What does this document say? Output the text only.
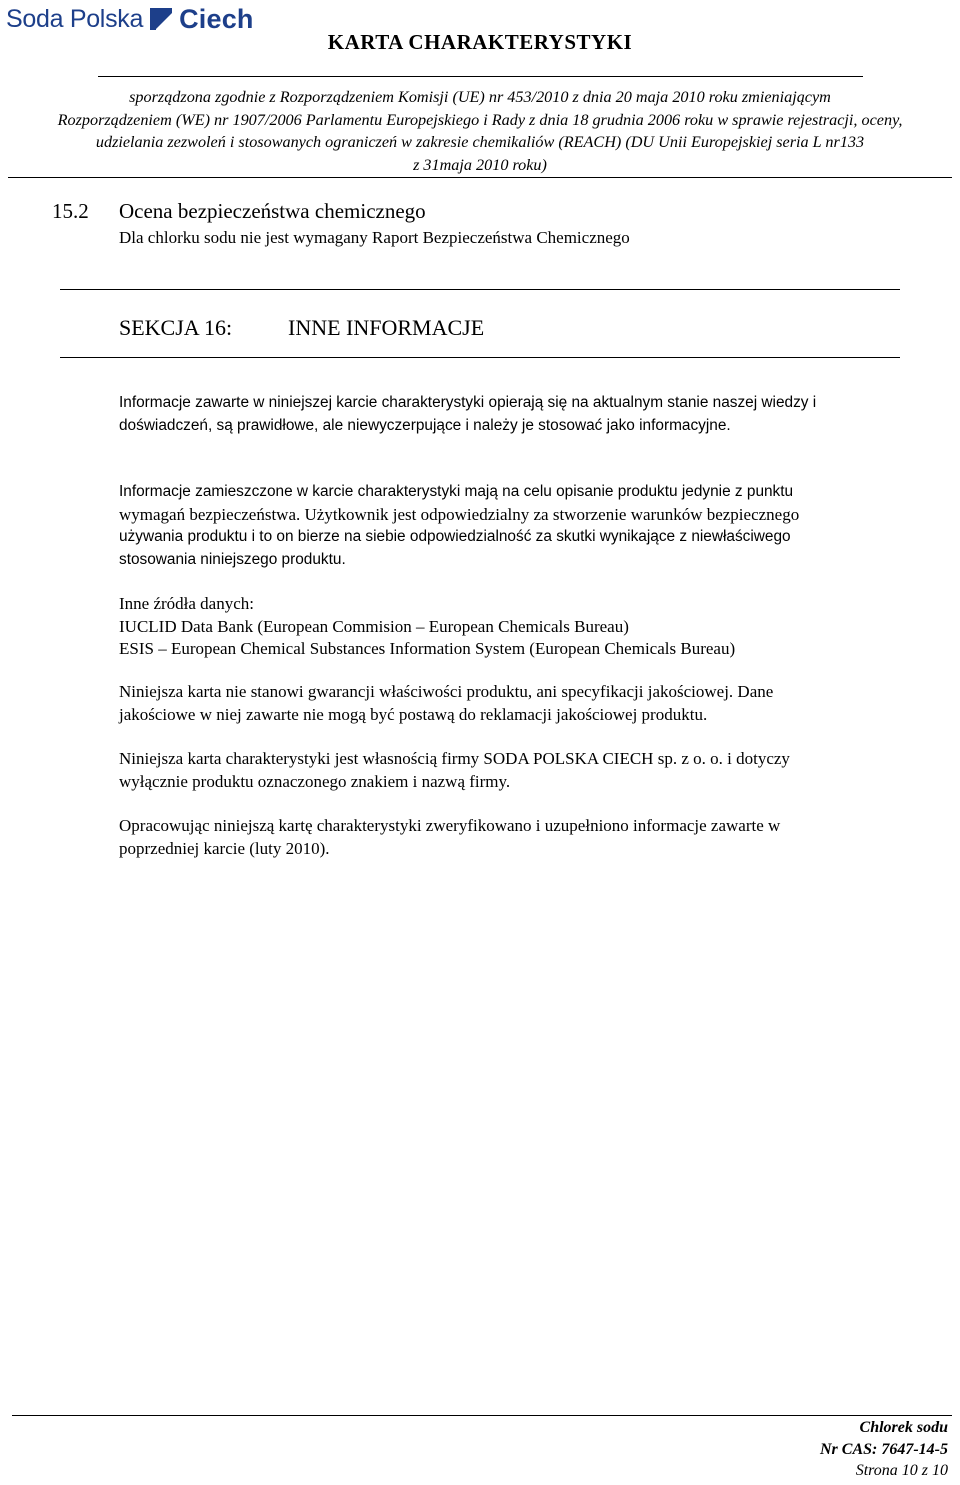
Soda Polska Ciech
KARTA CHARAKTERYSTYKI
sporządzona zgodnie z Rozporządzeniem Komisji (UE) nr 453/2010 z dnia 20 maja 2010 roku zmieniającym
Rozporządzeniem (WE) nr 1907/2006 Parlamentu Europejskiego i Rady z dnia 18 grudnia 2006 roku w sprawie rejestracji, oceny,
udzielania zezwoleń i stosowanych ograniczeń w zakresie chemikaliów (REACH) (DU Unii Europejskiej seria L nr133
z 31maja 2010 roku)
15.2 Ocena bezpieczeństwa chemicznego
Dla chlorku sodu nie jest wymagany Raport Bezpieczeństwa Chemicznego
SEKCJA 16:	INNE INFORMACJE
Informacje zawarte w niniejszej karcie charakterystyki opierają się na aktualnym stanie naszej wiedzy i
doświadczeń, są prawidłowe, ale niewyczerpujące i należy je stosować jako informacyjne.
Informacje zamieszczone w karcie charakterystyki mają na celu opisanie produktu jedynie z punktu
wymagań bezpieczeństwa. Użytkownik jest odpowiedzialny za stworzenie warunków bezpiecznego
używania produktu i to on bierze na siebie odpowiedzialność za skutki wynikające z niewłaściwego
stosowania niniejszego produktu.
Inne źródła danych:
IUCLID Data Bank (European Commision – European Chemicals Bureau)
ESIS – European Chemical Substances Information System (European Chemicals Bureau)
Niniejsza karta nie stanowi gwarancji właściwości produktu, ani specyfikacji jakościowej. Dane
jakościowe w niej zawarte nie mogą być postawą do reklamacji jakościowej produktu.
Niniejsza karta charakterystyki jest własnością firmy SODA POLSKA CIECH sp. z o. o. i dotyczy
wyłącznie produktu oznaczonego znakiem i nazwą firmy.
Opracowując niniejszą kartę charakterystyki zweryfikowano i uzupełniono informacje zawarte w
poprzedniej karcie (luty 2010).
Chlorek sodu
Nr CAS: 7647-14-5
Strona 10 z 10
